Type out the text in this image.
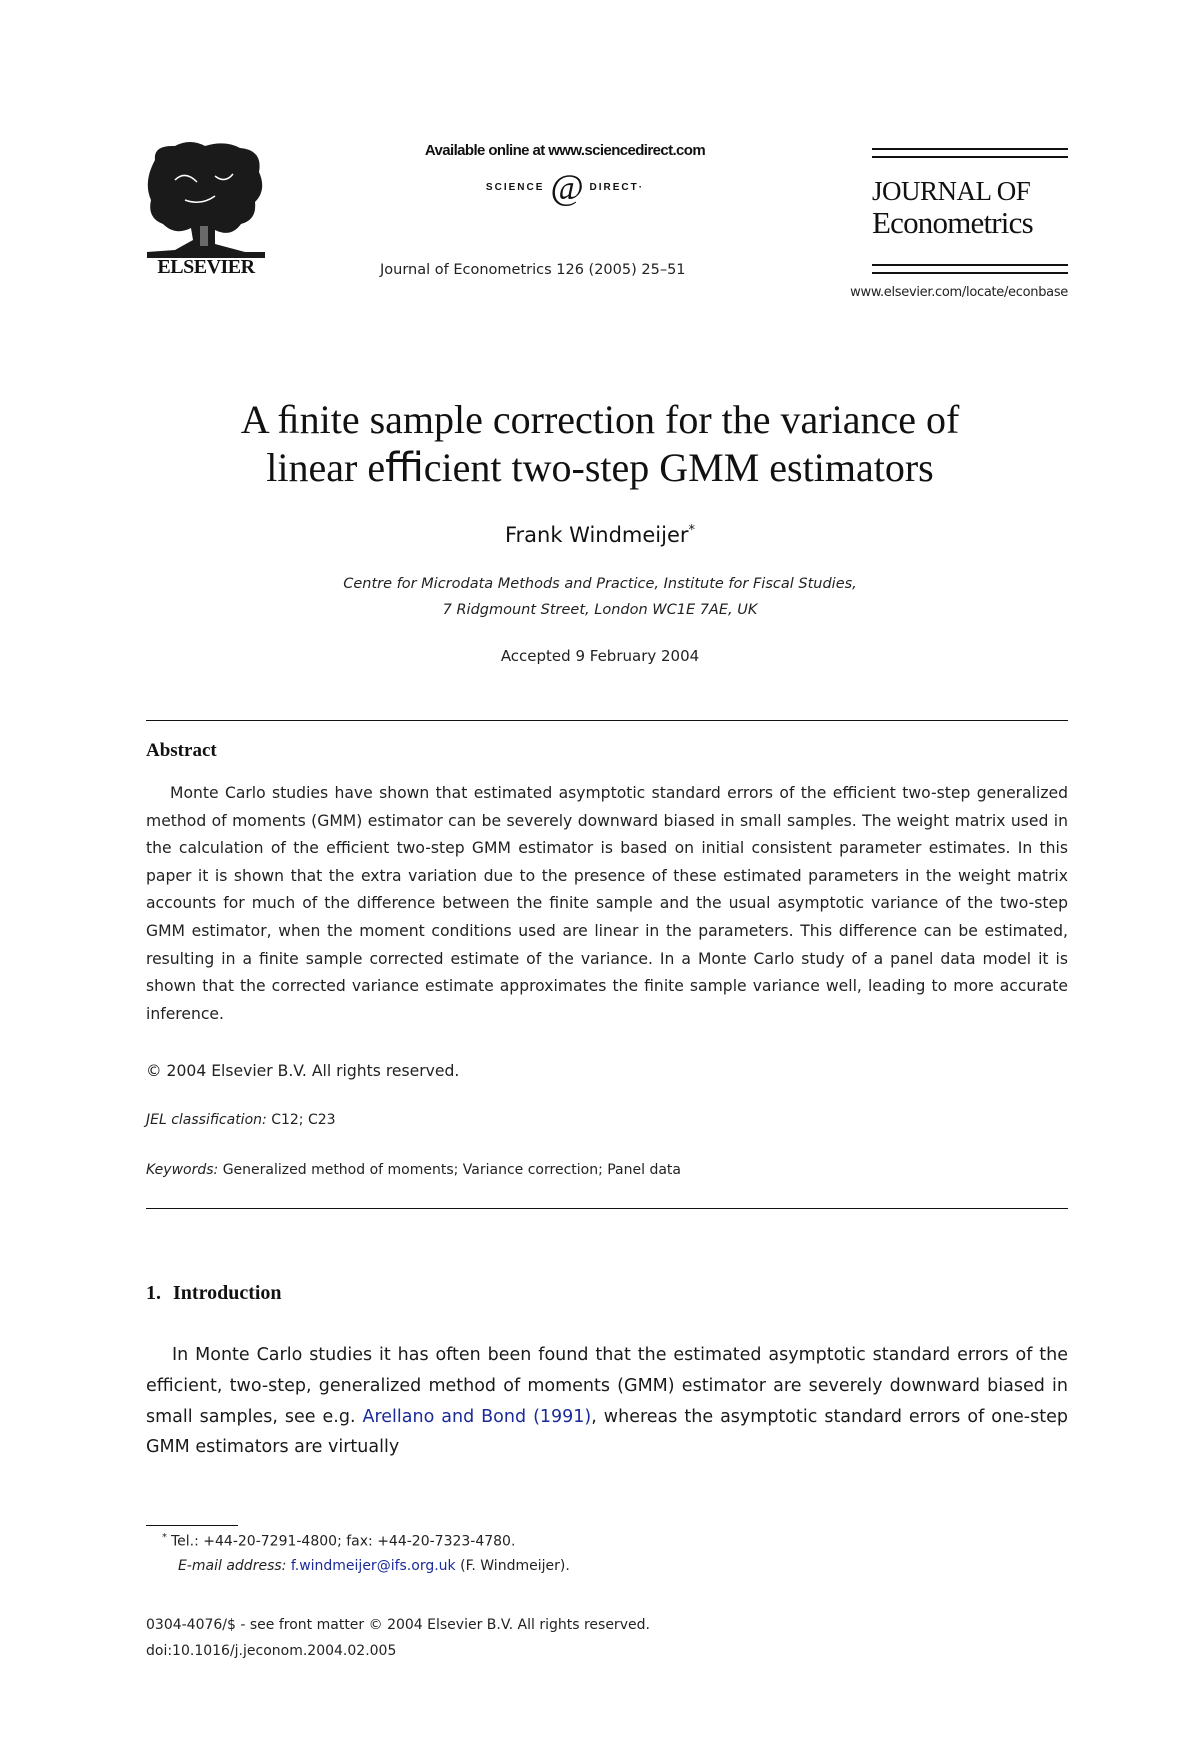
ELSEVIER
Available online at www.sciencedirect.com
SCIENCE @ DIRECT·
Journal of Econometrics 126 (2005) 25–51
JOURNAL OF
Econometrics
www.elsevier.com/locate/econbase
A ﬁnite sample correction for the variance of
linear eﬃcient two-step GMM estimators
Frank Windmeijer*
Centre for Microdata Methods and Practice, Institute for Fiscal Studies,
7 Ridgmount Street, London WC1E 7AE, UK
Accepted 9 February 2004
Abstract

Monte Carlo studies have shown that estimated asymptotic standard errors of the eﬃcient two-step generalized method of moments (GMM) estimator can be severely downward biased in small samples. The weight matrix used in the calculation of the eﬃcient two-step GMM estimator is based on initial consistent parameter estimates. In this paper it is shown that the extra variation due to the presence of these estimated parameters in the weight matrix accounts for much of the diﬀerence between the ﬁnite sample and the usual asymptotic variance of the two-step GMM estimator, when the moment conditions used are linear in the parameters. This diﬀerence can be estimated, resulting in a ﬁnite sample corrected estimate of the variance. In a Monte Carlo study of a panel data model it is shown that the corrected variance estimate approximates the ﬁnite sample variance well, leading to more accurate inference.

© 2004 Elsevier B.V. All rights reserved.
JEL classiﬁcation: C12; C23
Keywords: Generalized method of moments; Variance correction; Panel data
1. Introduction

In Monte Carlo studies it has often been found that the estimated asymptotic standard errors of the eﬃcient, two-step, generalized method of moments (GMM) estimator are severely downward biased in small samples, see e.g. Arellano and Bond (1991), whereas the asymptotic standard errors of one-step GMM estimators are virtually

* Tel.: +44-20-7291-4800; fax: +44-20-7323-4780.
E-mail address: f.windmeijer@ifs.org.uk (F. Windmeijer).
0304-4076/$ - see front matter © 2004 Elsevier B.V. All rights reserved.
doi:10.1016/j.jeconom.2004.02.005
